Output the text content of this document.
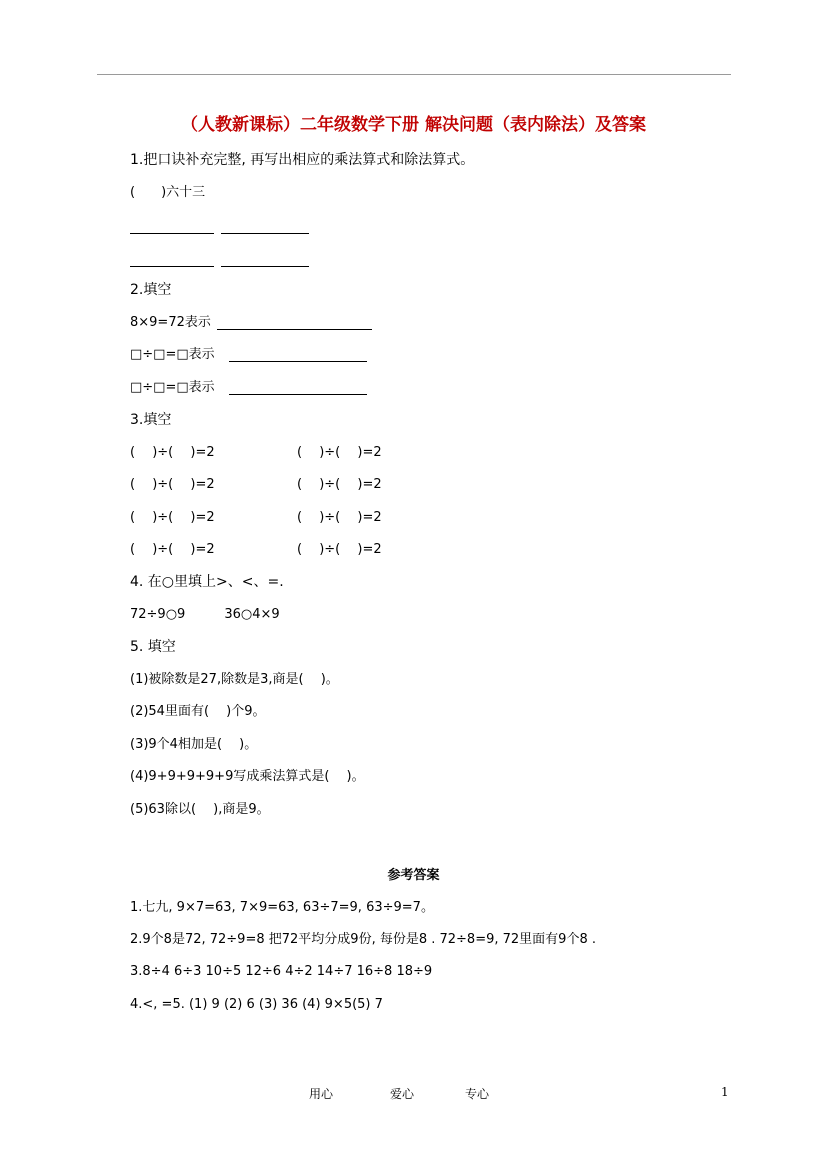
（人教新课标）二年级数学下册 解决问题（表内除法）及答案
1.把口诀补充完整, 再写出相应的乘法算式和除法算式。
(　　)六十三
2.填空
8×9=72表示
□÷□=□表示
□÷□=□表示
3.填空
(　 )÷(　 )=2	(　 )÷(　 )=2
(　 )÷(　 )=2	(　 )÷(　 )=2
(　 )÷(　 )=2	(　 )÷(　 )=2
(　 )÷(　 )=2	(　 )÷(　 )=2
4. 在○里填上>、<、=.
72÷9○9　　　36○4×9
5. 填空
(1)被除数是27,除数是3,商是(　 )。
(2)54里面有(　 )个9。
(3)9个4相加是(　 )。
(4)9+9+9+9+9写成乘法算式是(　 )。
(5)63除以(　 ),商是9。
参考答案
1.七九, 9×7=63, 7×9=63, 63÷7=9, 63÷9=7。
2.9个8是72, 72÷9=8 把72平均分成9份, 每份是8 . 72÷8=9, 72里面有9个8 .
3.8÷4 6÷3 10÷5 12÷6 4÷2 14÷7 16÷8 18÷9
4.<, =5. (1) 9 (2) 6 (3) 36 (4) 9×5(5) 7
用心	爱心	专心	1
